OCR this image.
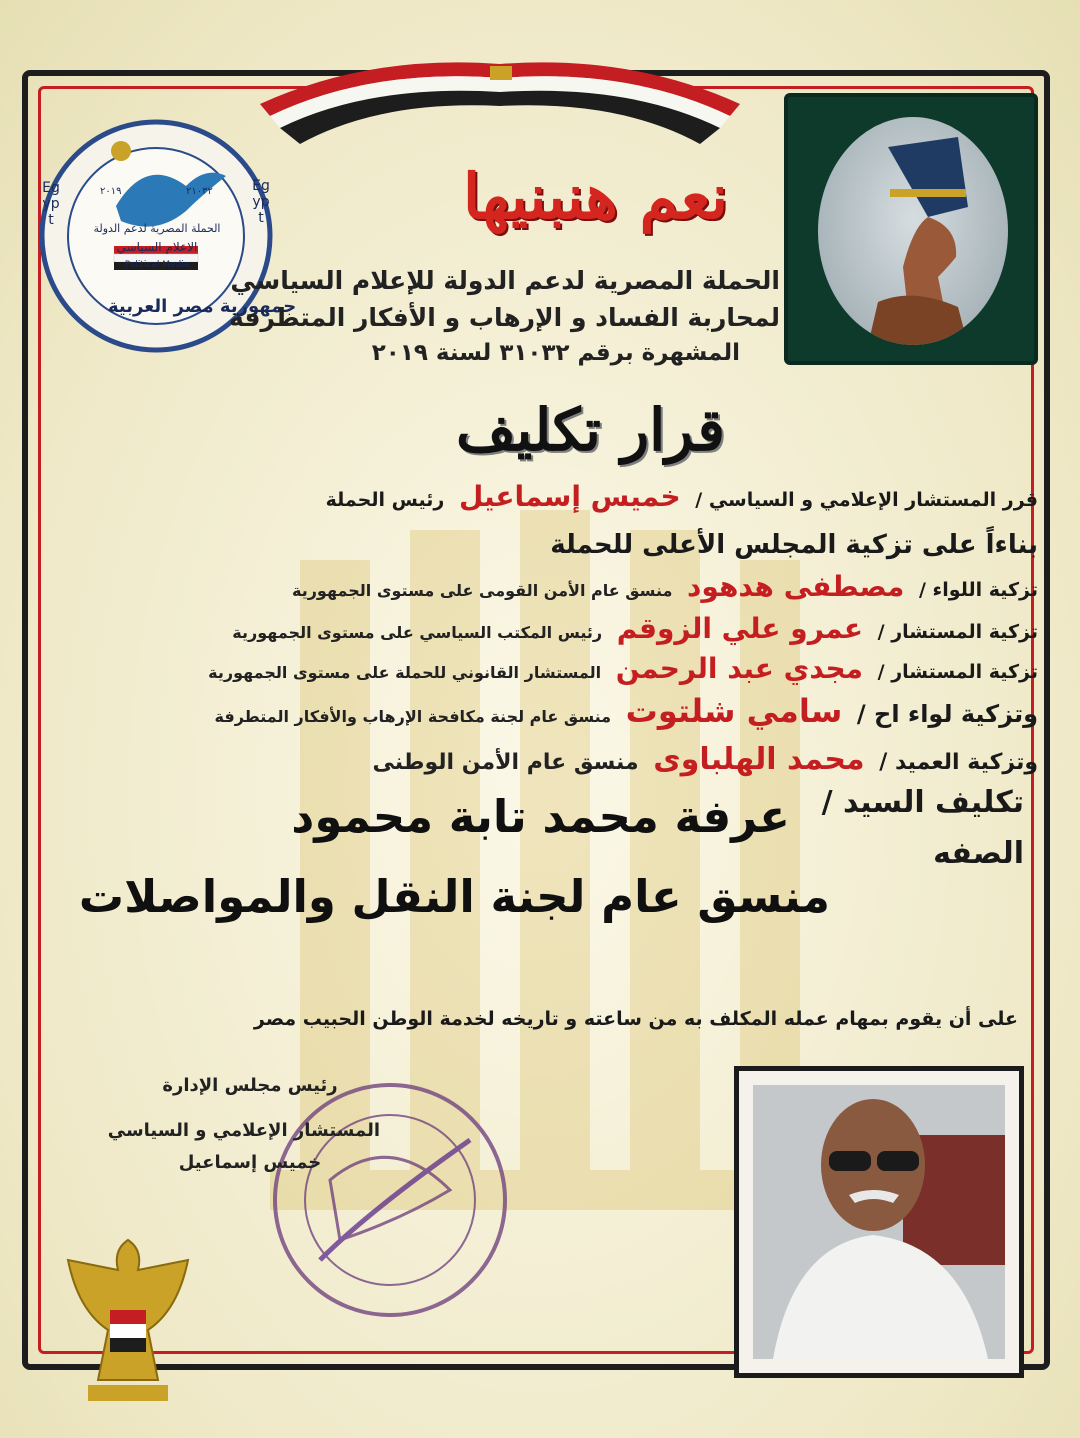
جمهورية مصر العربية
Egypt
Egypt
الحملة المصرية لدعم الدولة
الاعلام السياسي
Political Media
٢١٠٣٢
٢٠١٩	نعم هنبنيها
الحملة المصرية لدعم الدولة للإعلام السياسي
لمحاربة الفساد و الإرهاب و الأفكار المتطرفة
المشهرة برقم ٣١٠٣٢ لسنة ٢٠١٩
قرار تكليف
قرر المستشار الإعلامي و السياسي / خميس إسماعيل رئيس الحملة
بناءاً على تزكية المجلس الأعلى للحملة
تزكية اللواء / مصطفى هدهود منسق عام الأمن القومى على مستوى الجمهورية
تزكية المستشار / عمرو علي الزوقم رئيس المكتب السياسي على مستوى الجمهورية
تزكية المستشار / مجدي عبد الرحمن المستشار القانوني للحملة على مستوى الجمهورية
وتزكية لواء اح / سامي شلتوت منسق عام لجنة مكافحة الإرهاب والأفكار المتطرفة
وتزكية العميد / محمد الهلباوى منسق عام الأمن الوطنى
تكليف السيد /
عرفة محمد تابة محمود
الصفه
منسق عام لجنة النقل والمواصلات
على أن يقوم بمهام عمله المكلف به من ساعته و تاريخه لخدمة الوطن الحبيب مصر
رئيس مجلس الإدارة
المستشار الإعلامي و السياسي
خميس إسماعيل
